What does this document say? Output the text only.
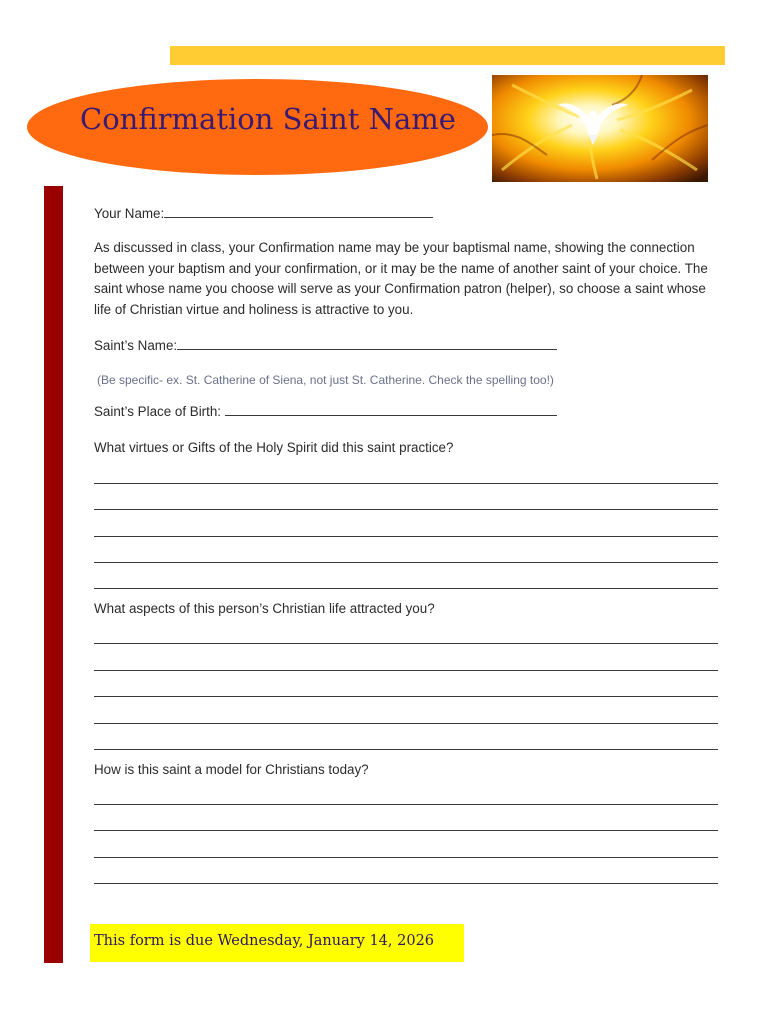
Confirmation Saint Name
Your Name:

As discussed in class, your Confirmation name may be your baptismal name, showing the connection between your baptism and your confirmation, or it may be the name of another saint of your choice. The saint whose name you choose will serve as your Confirmation patron (helper), so choose a saint whose life of Christian virtue and holiness is attractive to you.

Saint’s Name:
(Be specific- ex. St. Catherine of Siena, not just St. Catherine. Check the spelling too!)
Saint’s Place of Birth:
What virtues or Gifts of the Holy Spirit did this saint practice?
What aspects of this person’s Christian life attracted you?
How is this saint a model for Christians today?

This form is due Wednesday, January 14, 2026
